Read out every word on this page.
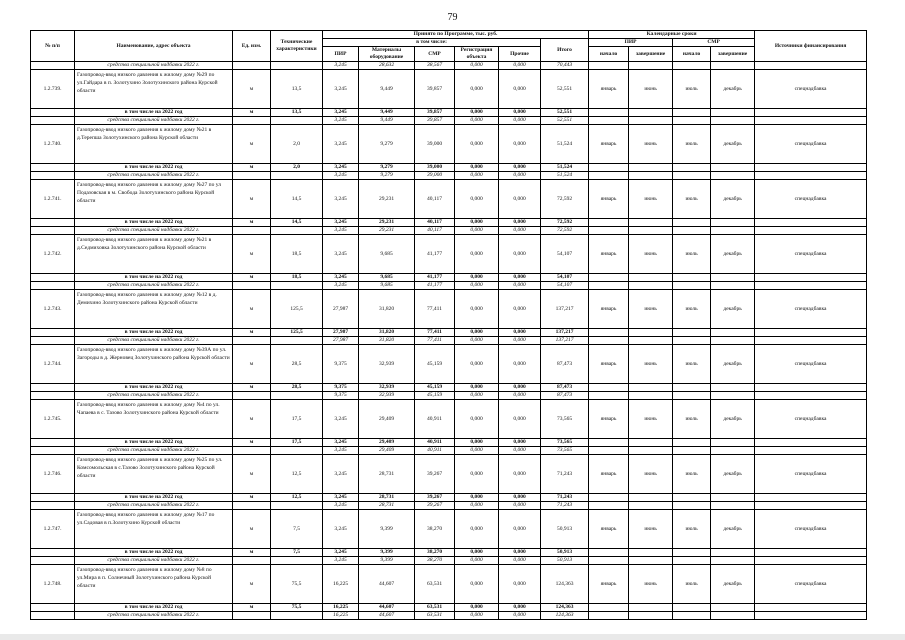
79
№ п/п	Наименование, адрес объекта	Ед. изм.	Технические характеристики	Принято по Программе, тыс. руб.						Календарные сроки				Источники финансирования
				в том числе:					Итого	ПИР		СМР		
				ПИР	Материалы оборудование	СМР	Регистрация объекта	Прочие		начало	завершение	начало	завершение	
	средства специальной надбавки 2022 г.			3,245	28,632	38,567	0,000	0,000	70,443					
1.2.739.	Газопровод-ввод низкого давления к жилому дому №29 по ул.Гайдара в п. Золотухино Золотухинского района Курской области	м	13,5	3,245	9,449	39,857	0,000	0,000	52,551	январь	июнь	июль	декабрь	спецнадбавка
	в том числе на 2022 год	м	13,5	3,245	9,449	39,857	0,000	0,000	52,551					
	средства специальной надбавки 2022 г.			3,245	9,449	39,857	0,000	0,000	52,551					
1.2.740.	Газопровод-ввод низкого давления к жилому дому №21 в д.Терепша Золотухинского района Курской области	м	2,0	3,245	9,279	39,000	0,000	0,000	51,524	январь	июнь	июль	декабрь	спецнадбавка
	в том числе на 2022 год	м	2,0	3,245	9,279	39,000	0,000	0,000	51,524					
	средства специальной надбавки 2022 г.			3,245	9,279	39,000	0,000	0,000	51,524					
1.2.741.	Газопровод-ввод низкого давления к жилому дому №27 по ул Подазовская в м. Свобода Золотухинского района Курской области	м	14,5	3,245	29,231	40,117	0,000	0,000	72,592	январь	июнь	июль	декабрь	спецнадбавка
	в том числе на 2022 год	м	14,5	3,245	29,231	40,117	0,000	0,000	72,592					
	средства специальной надбавки 2022 г.			3,245	29,231	40,117	0,000	0,000	72,592					
1.2.742.	Газопровод-ввод низкого давления к жилому дому №21 в д.Седмиховка Золотухинского района Курской области	м	18,5	3,245	9,685	41,177	0,000	0,000	54,107	январь	июнь	июль	декабрь	спецнадбавка
	в том числе на 2022 год	м	18,5	3,245	9,685	41,177	0,000	0,000	54,107					
	средства специальной надбавки 2022 г.			3,245	9,685	41,177	0,000	0,000	54,107					
1.2.743.	Газопровод-ввод низкого давления к жилому дому №12 в д. Демихино Золотухинского района Курской области	м	125,5	27,987	31,820	77,411	0,000	0,000	137,217	январь	июнь	июль	декабрь	спецнадбавка
	в том числе на 2022 год	м	125,5	27,987	31,820	77,411	0,000	0,000	137,217					
	средства специальной надбавки 2022 г.			27,987	31,820	77,411	0,000	0,000	137,217					
1.2.744.	Газопровод-ввод низкого давления к жилому дому №39А по ул. Загороды в д. Жерновец Золотухинского района Курской области	м	28,5	9,375	32,939	45,159	0,000	0,000	87,473	январь	июнь	июль	декабрь	спецнадбавка
	в том числе на 2022 год	м	28,5	9,375	32,939	45,159	0,000	0,000	87,473					
	средства специальной надбавки 2022 г.			9,375	32,939	45,159	0,000	0,000	87,473					
1.2.745.	Газопровод-ввод низкого давления к жилому дому №4 по ул. Чапаева в с. Тазово Золотухинского района Курской области	м	17,5	3,245	29,409	40,911	0,000	0,000	73,565	январь	июнь	июль	декабрь	спецнадбавка
	в том числе на 2022 год	м	17,5	3,245	29,409	40,911	0,000	0,000	73,565					
	средства специальной надбавки 2022 г.			3,245	29,409	40,911	0,000	0,000	73,565					
1.2.746.	Газопровод-ввод низкого давления к жилому дому №25 по ул. Комсомольская в с.Тазово Золотухинского района Курской области	м	12,5	3,245	28,731	39,267	0,000	0,000	71,243	январь	июнь	июль	декабрь	спецнадбавка
	в том числе на 2022 год	м	12,5	3,245	28,731	39,267	0,000	0,000	71,243					
	средства специальной надбавки 2022 г.			3,245	28,731	39,267	0,000	0,000	71,243					
1.2.747.	Газопровод-ввод низкого давления к жилому дому №17 по ул.Садовая в п.Золотухино Курской области	м	7,5	3,245	9,399	38,270	0,000	0,000	50,913	январь	июнь	июль	декабрь	спецнадбавка
	в том числе на 2022 год	м	7,5	3,245	9,399	38,270	0,000	0,000	50,913					
	средства специальной надбавки 2022 г.			3,245	9,399	38,270	0,000	0,000	50,913					
1.2.748.	Газопровод-ввод низкого давления к жилому дому №8 по ул.Мира в п. Солнечный Золотухинского района Курской области	м	75,5	16,225	44,607	63,531	0,000	0,000	124,363	январь	июнь	июль	декабрь	спецнадбавка
	в том числе на 2022 год	м	75,5	16,225	44,607	63,531	0,000	0,000	124,363					
	средства специальной надбавки 2022 г.			16,225	44,607	63,531	0,000	0,000	124,363					
